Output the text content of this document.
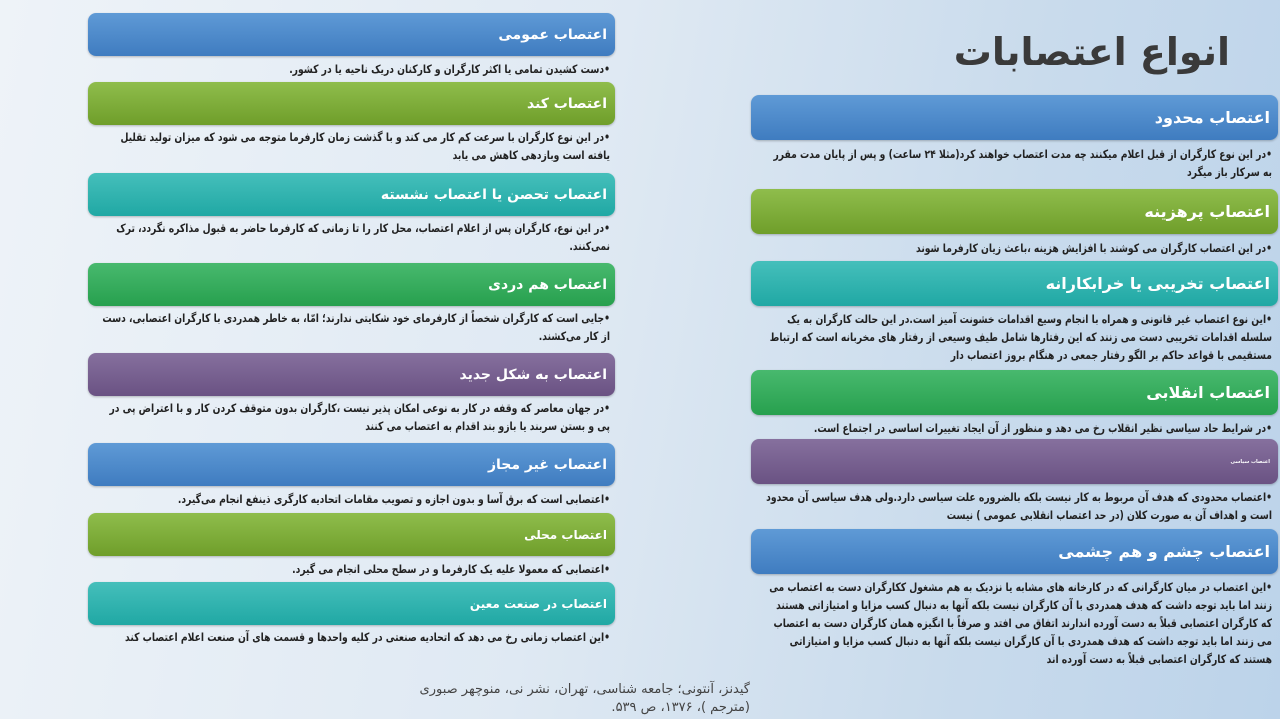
انواع اعتصابات
اعتصاب عمومی
•دست کشیدن تمامی یا اکثر کارگران و کارکنان دریک ناحیه یا در کشور.
اعتصاب کند
•در این نوع کارگران با سرعت کم کار می کند و با گذشت زمان کارفرما متوجه می شود که میزان تولید تقلیل یافته است وبازدهی کاهش می یابد
اعتصاب تحصن یا اعتصاب نشسته
•در این نوع، کارگران پس از اعلام اعتصاب، محل کار را تا زمانی که کارفرما حاضر به قبول مذاکره نگردد، ترک نمی‌کنند.
اعتصاب هم دردی
•جایی است که کارگران شخصاً از کارفرمای خود شکایتی ندارند؛ امّا، به خاطر همدردی با کارگران اعتصابی، دست از کار می‌کشند.
اعتصاب به شکل جدید
•در جهان معاصر که وقفه در کار به نوعی امکان پذیر نیست ،کارگران بدون متوقف کردن کار و با اعتراض پی در پی و بستن سربند یا بازو بند اقدام به اعتصاب می کنند
اعتصاب غیر مجاز
•اعتصابی است که برق آسا و بدون اجازه و تصویب مقامات اتحادیه کارگری ذینفع انجام می‌گیرد.
اعتصاب محلی
•اعتصابی که معمولا علیه یک کارفرما و در سطح محلی انجام می گیرد.
اعتصاب در صنعت معین
•این اعتصاب زمانی رخ می دهد که اتحادیه صنعتی در کلیه واحدها و قسمت های آن صنعت اعلام اعتصاب کند
اعتصاب محدود
•در این نوع کارگران از قبل اعلام میکنند چه مدت اعتصاب خواهند کرد(مثلا ۲۴ ساعت) و پس از پایان مدت مقرر به سرکار باز میگرد
اعتصاب پرهزینه
•در این اعتصاب کارگران می کوشند با افزایش هزینه ،باعث زیان کارفرما شوند
اعتصاب تخریبی یا خرابکارانه
•این نوع اعتصاب غیر قانونی و همراه با انجام وسیع اقدامات خشونت آمیز است.در این حالت کارگران به یک سلسله اقدامات تخریبی دست می زنند که این رفتارها شامل طیف وسیعی از رفتار های مخربانه است که ارتباط مستقیمی با قواعد حاکم بر الگو رفتار جمعی در هنگام بروز اعتصاب دار
اعتصاب انقلابی
•در شرایط حاد سیاسی نظیر انقلاب رخ می دهد و منظور از آن ایجاد تغییرات اساسی در اجتماع است.
اعتصاب سیاسی
•اعتصاب محدودی که هدف آن مربوط به کار نیست بلکه بالضروره علت سیاسی دارد.ولی هدف سیاسی آن محدود است و اهداف آن به صورت کلان (در حد اعتصاب انقلابی عمومی ) نیست
اعتصاب چشم و هم چشمی
•این اعتصاب در میان کارگرانی که در کارخانه های مشابه یا نزدیک به هم مشغول ککارگران دست به اعتصاب می زنند اما باید توجه داشت که هدف همدردی با آن کارگران نیست بلکه آنها به دنبال کسب مزایا و امتیازاتی هستند که کارگران اعتصابی قبلاً به دست آورده اندارند اتفاق می افتد و صرفاً با انگیزه همان کارگران دست به اعتصاب می زنند اما باید توجه داشت که هدف همدردی با آن کارگران نیست بلکه آنها به دنبال کسب مزایا و امتیازاتی هستند که کارگران اعتصابی قبلاً به دست آورده اند
گیدنز، آنتونی؛ جامعه شناسی، تهران، نشر نی، منوچهر صبوری (مترجم )، ۱۳۷۶، ص ۵۳۹.
